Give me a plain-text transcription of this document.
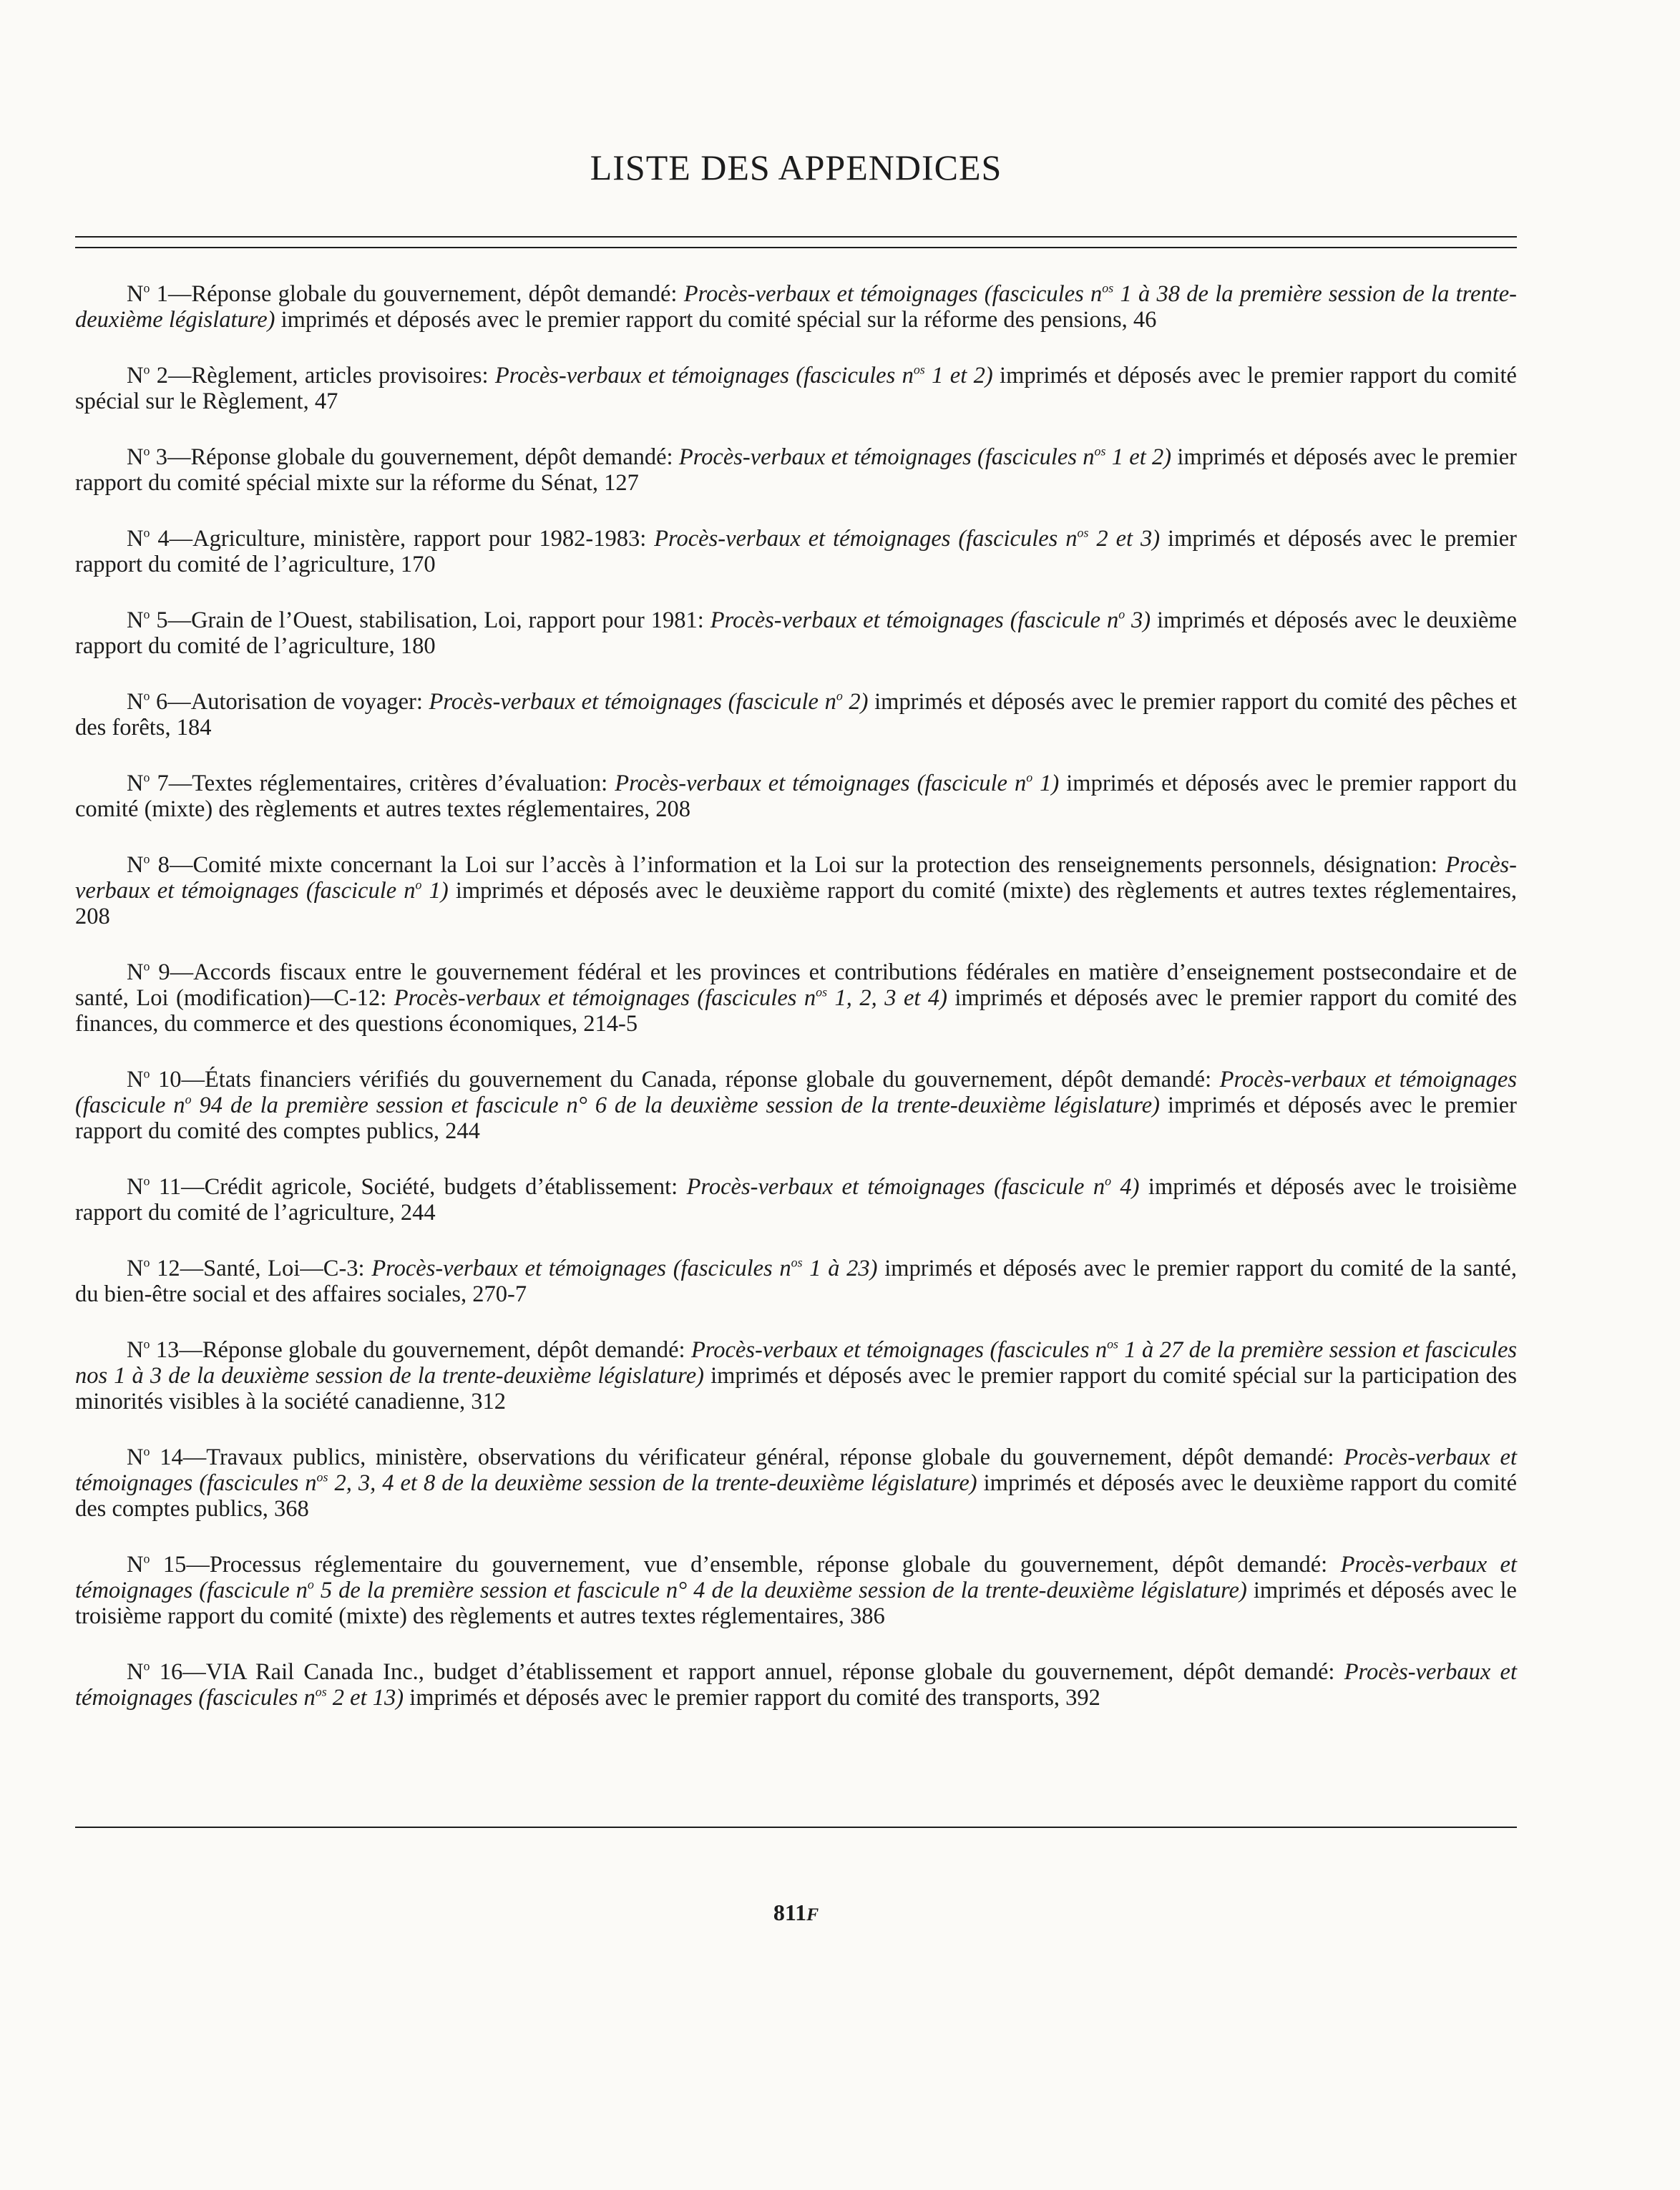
LISTE DES APPENDICES

$N^o$ 1—Réponse globale du gouvernement, dépôt demandé: Procès-verbaux et témoignages (fascicules $n^{os}$ 1 à 38 de la première session de la trente-deuxième législature) imprimés et déposés avec le premier rapport du comité spécial sur la réforme des pensions, 46

$N^o$ 2—Règlement, articles provisoires: Procès-verbaux et témoignages (fascicules $n^{os}$ 1 et 2) imprimés et déposés avec le premier rapport du comité spécial sur le Règlement, 47

$N^o$ 3—Réponse globale du gouvernement, dépôt demandé: Procès-verbaux et témoignages (fascicules $n^{os}$ 1 et 2) imprimés et déposés avec le premier rapport du comité spécial mixte sur la réforme du Sénat, 127

$N^o$ 4—Agriculture, ministère, rapport pour 1982-1983: Procès-verbaux et témoignages (fascicules $n^{os}$ 2 et 3) imprimés et déposés avec le premier rapport du comité de l’agriculture, 170

$N^o$ 5—Grain de l’Ouest, stabilisation, Loi, rapport pour 1981: Procès-verbaux et témoignages (fascicule $n^o$ 3) imprimés et déposés avec le deuxième rapport du comité de l’agriculture, 180

$N^o$ 6—Autorisation de voyager: Procès-verbaux et témoignages (fascicule $n^o$ 2) imprimés et déposés avec le premier rapport du comité des pêches et des forêts, 184

$N^o$ 7—Textes réglementaires, critères d’évaluation: Procès-verbaux et témoignages (fascicule $n^o$ 1) imprimés et déposés avec le premier rapport du comité (mixte) des règlements et autres textes réglementaires, 208

$N^o$ 8—Comité mixte concernant la Loi sur l’accès à l’information et la Loi sur la protection des renseignements personnels, désignation: Procès-verbaux et témoignages (fascicule $n^o$ 1) imprimés et déposés avec le deuxième rapport du comité (mixte) des règlements et autres textes réglementaires, 208

$N^o$ 9—Accords fiscaux entre le gouvernement fédéral et les provinces et contributions fédérales en matière d’enseignement postsecondaire et de santé, Loi (modification)—C-12: Procès-verbaux et témoignages (fascicules $n^{os}$ 1, 2, 3 et 4) imprimés et déposés avec le premier rapport du comité des finances, du commerce et des questions économiques, 214-5

$N^o$ 10—États financiers vérifiés du gouvernement du Canada, réponse globale du gouvernement, dépôt demandé: Procès-verbaux et témoignages (fascicule $n^o$ 94 de la première session et fascicule n° 6 de la deuxième session de la trente-deuxième législature) imprimés et déposés avec le premier rapport du comité des comptes publics, 244

$N^o$ 11—Crédit agricole, Société, budgets d’établissement: Procès-verbaux et témoignages (fascicule $n^o$ 4) imprimés et déposés avec le troisième rapport du comité de l’agriculture, 244

$N^o$ 12—Santé, Loi—C-3: Procès-verbaux et témoignages (fascicules $n^{os}$ 1 à 23) imprimés et déposés avec le premier rapport du comité de la santé, du bien-être social et des affaires sociales, 270-7

$N^o$ 13—Réponse globale du gouvernement, dépôt demandé: Procès-verbaux et témoignages (fascicules $n^{os}$ 1 à 27 de la première session et fascicules nos 1 à 3 de la deuxième session de la trente-deuxième législature) imprimés et déposés avec le premier rapport du comité spécial sur la participation des minorités visibles à la société canadienne, 312

$N^o$ 14—Travaux publics, ministère, observations du vérificateur général, réponse globale du gouvernement, dépôt demandé: Procès-verbaux et témoignages (fascicules $n^{os}$ 2, 3, 4 et 8 de la deuxième session de la trente-deuxième législature) imprimés et déposés avec le deuxième rapport du comité des comptes publics, 368

$N^o$ 15—Processus réglementaire du gouvernement, vue d’ensemble, réponse globale du gouvernement, dépôt demandé: Procès-verbaux et témoignages (fascicule $n^o$ 5 de la première session et fascicule n° 4 de la deuxième session de la trente-deuxième législature) imprimés et déposés avec le troisième rapport du comité (mixte) des règlements et autres textes réglementaires, 386

$N^o$ 16—VIA Rail Canada Inc., budget d’établissement et rapport annuel, réponse globale du gouvernement, dépôt demandé: Procès-verbaux et témoignages (fascicules $n^{os}$ 2 et 13) imprimés et déposés avec le premier rapport du comité des transports, 392

811F
